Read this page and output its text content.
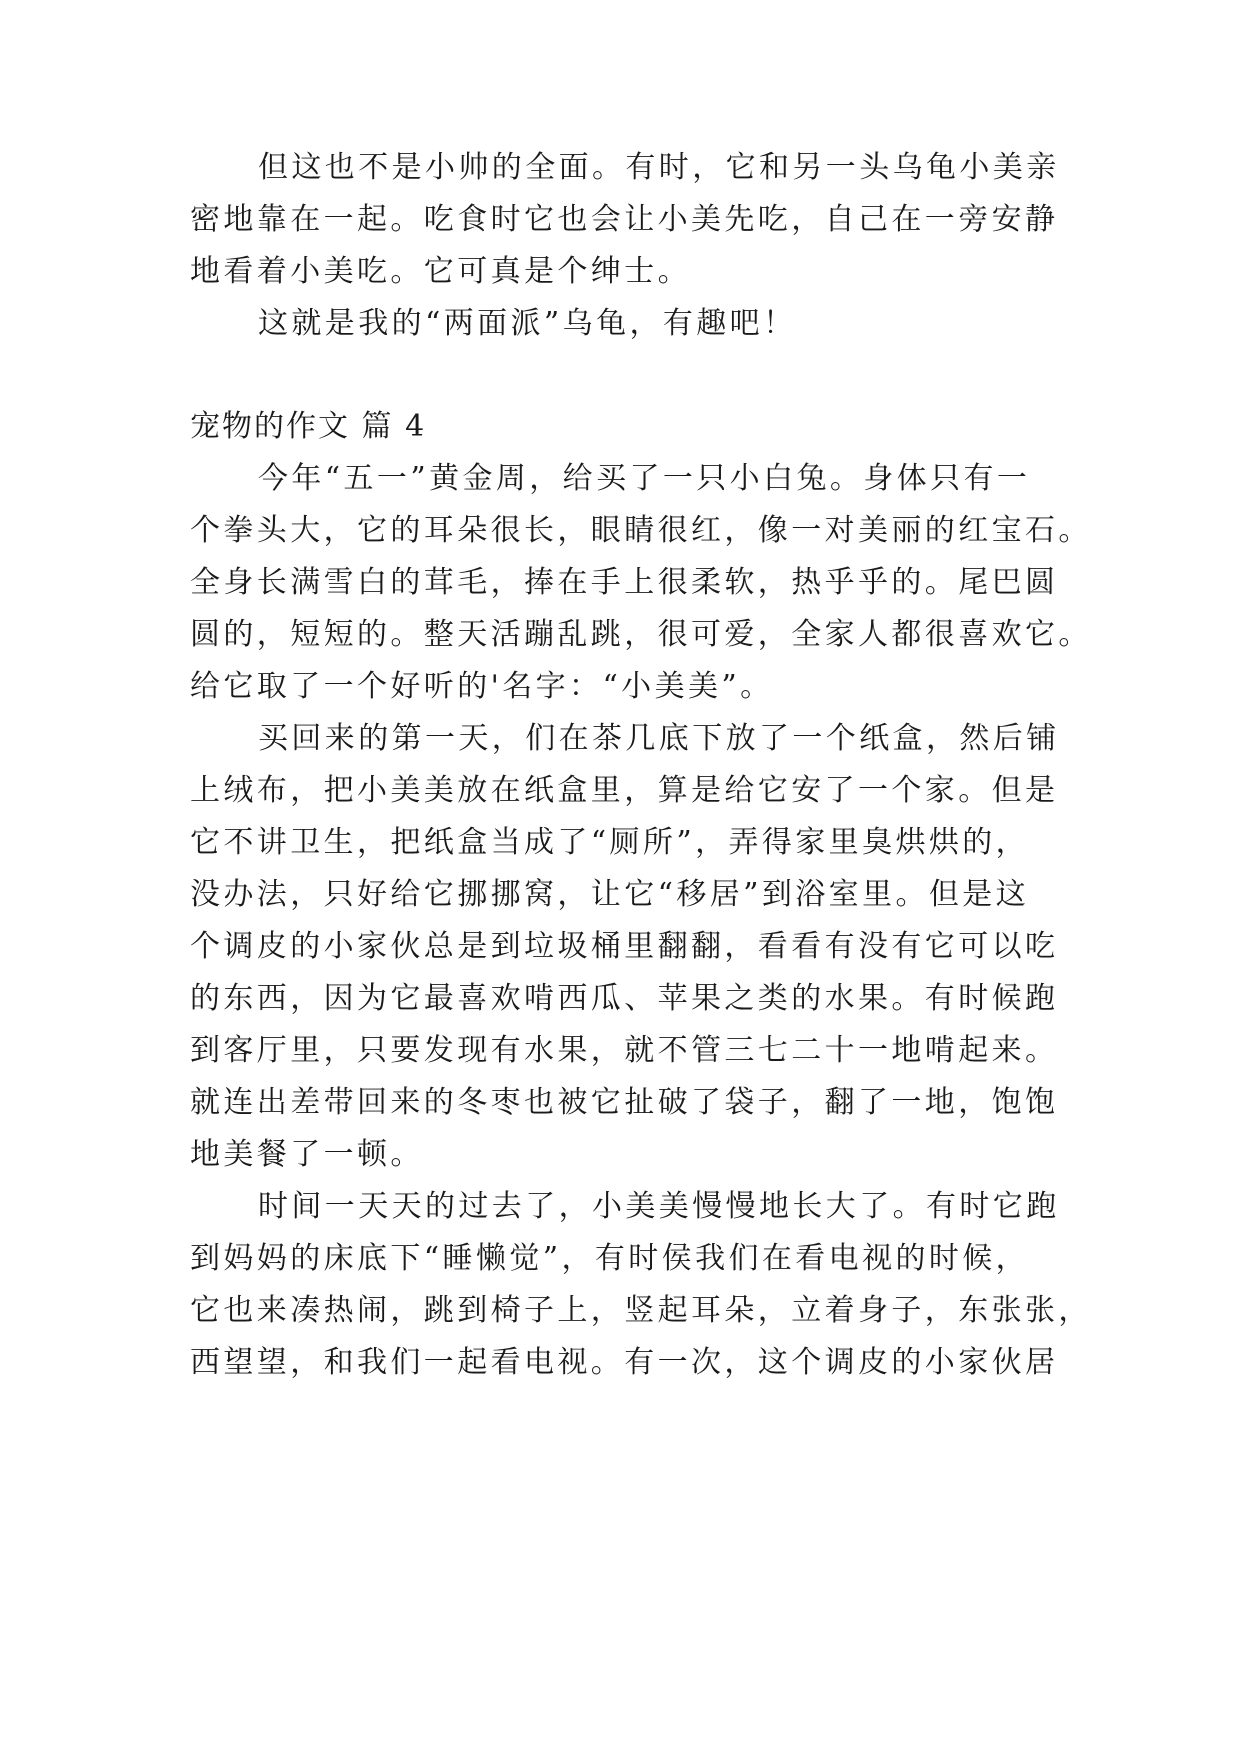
但这也不是小帅的全面。有时，它和另一头乌龟小美亲
密地靠在一起。吃食时它也会让小美先吃，自己在一旁安静
地看着小美吃。它可真是个绅士。
这就是我的“两面派”乌龟，有趣吧！
宠物的作文 篇 4
今年“五一”黄金周，给买了一只小白兔。身体只有一
个拳头大，它的耳朵很长，眼睛很红，像一对美丽的红宝石。
全身长满雪白的茸毛，捧在手上很柔软，热乎乎的。尾巴圆
圆的，短短的。整天活蹦乱跳，很可爱，全家人都很喜欢它。
给它取了一个好听的'名字：“小美美”。
买回来的第一天，们在茶几底下放了一个纸盒，然后铺
上绒布，把小美美放在纸盒里，算是给它安了一个家。但是
它不讲卫生，把纸盒当成了“厕所”，弄得家里臭烘烘的，
没办法，只好给它挪挪窝，让它“移居”到浴室里。但是这
个调皮的小家伙总是到垃圾桶里翻翻，看看有没有它可以吃
的东西，因为它最喜欢啃西瓜、苹果之类的水果。有时候跑
到客厅里，只要发现有水果，就不管三七二十一地啃起来。
就连出差带回来的冬枣也被它扯破了袋子，翻了一地，饱饱
地美餐了一顿。
时间一天天的过去了，小美美慢慢地长大了。有时它跑
到妈妈的床底下“睡懒觉”，有时侯我们在看电视的时候，
它也来凑热闹，跳到椅子上，竖起耳朵，立着身子，东张张，
西望望，和我们一起看电视。有一次，这个调皮的小家伙居
